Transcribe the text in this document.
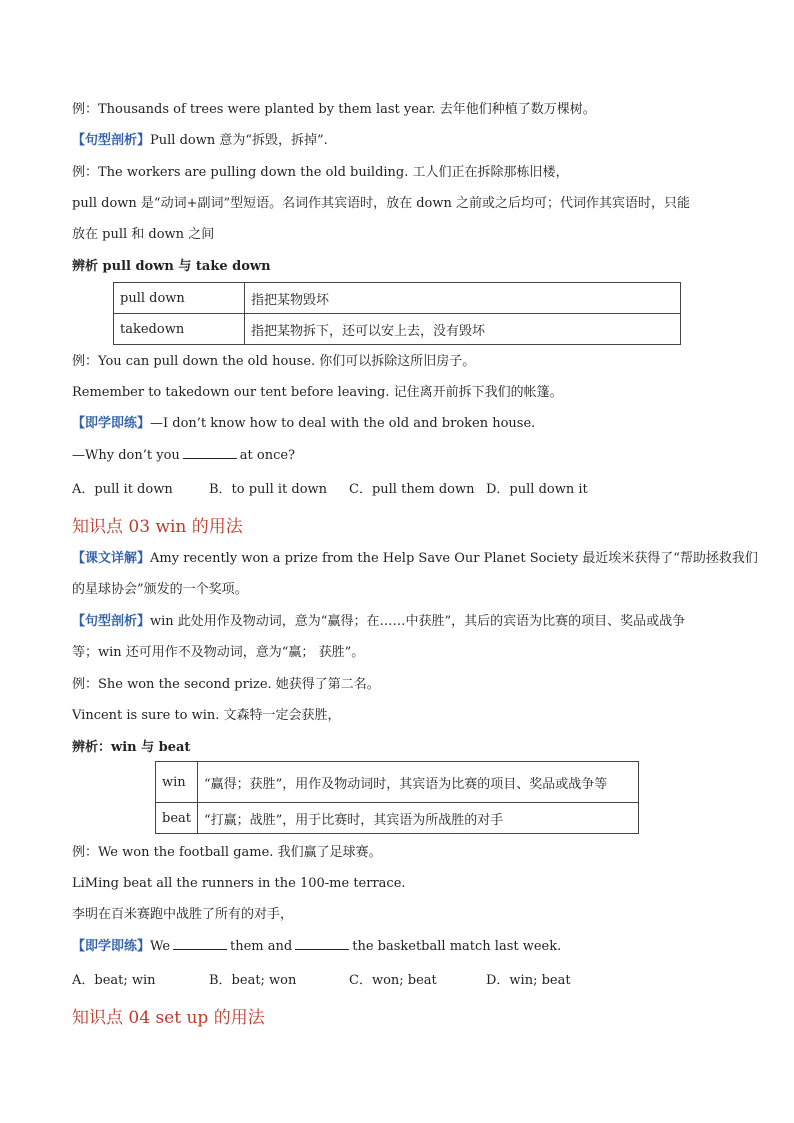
例：Thousands of trees were planted by them last year. 去年他们种植了数万棵树。
【句型剖析】Pull down 意为“拆毁，拆掉”.
例：The workers are pulling down the old building. 工人们正在拆除那栋旧楼，
pull down 是“动词+副词”型短语。名词作其宾语时，放在 down 之前或之后均可；代词作其宾语时，只能
放在 pull 和 down 之间
辨析 pull down 与 take down
pull down	指把某物毁坏
takedown	指把某物拆下，还可以安上去，没有毁坏
例：You can pull down the old house. 你们可以拆除这所旧房子。
Remember to takedown our tent before leaving. 记住离开前拆下我们的帐篷。
【即学即练】—I don’t know how to deal with the old and broken house.
—Why don’t you	at once?
A．pull it down	B．to pull it down C．pull them down D．pull down it
知识点 03 win 的用法
【课文详解】Amy recently won a prize from the Help Save Our Planet Society 最近埃米获得了“帮助拯救我们
的星球协会”颁发的一个奖项。
【句型剖析】win 此处用作及物动词，意为“赢得；在……中获胜”，其后的宾语为比赛的项目、奖品或战争
等；win 还可用作不及物动词，意为“赢； 获胜”。
例：She won the second prize. 她获得了第二名。
Vincent is sure to win. 文森特一定会获胜，
辨析：win 与 beat
win	“赢得；获胜”，用作及物动词时，其宾语为比赛的项目、奖品或战争等
beat	“打赢；战胜”，用于比赛时，其宾语为所战胜的对手
例：We won the football game. 我们赢了足球赛。
LiMing beat all the runners in the 100-me terrace.
李明在百米赛跑中战胜了所有的对手，
【即学即练】We	them and	the basketball match last week.
A．beat; win	B．beat; won	C．won; beat	D．win; beat
知识点 04 set up 的用法
